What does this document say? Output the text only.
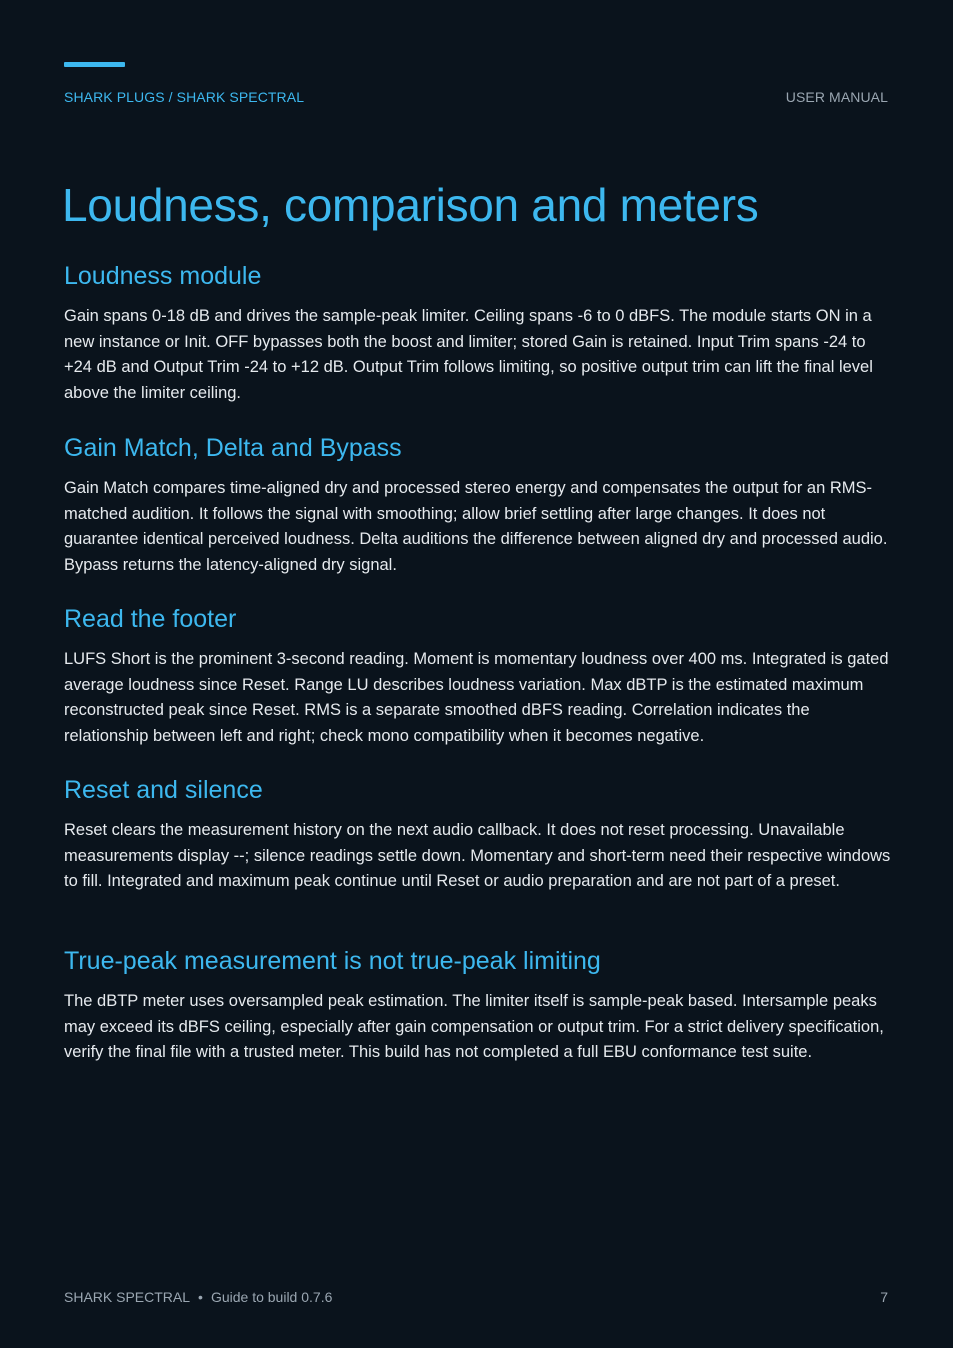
SHARK PLUGS / SHARK SPECTRAL	USER MANUAL
Loudness, comparison and meters
Loudness module

Gain spans 0-18 dB and drives the sample-peak limiter. Ceiling spans -6 to 0 dBFS. The module starts ON in a new instance or Init. OFF bypasses both the boost and limiter; stored Gain is retained. Input Trim spans -24 to +24 dB and Output Trim -24 to +12 dB. Output Trim follows limiting, so positive output trim can lift the final level above the limiter ceiling.

Gain Match, Delta and Bypass

Gain Match compares time-aligned dry and processed stereo energy and compensates the output for an RMS-matched audition. It follows the signal with smoothing; allow brief settling after large changes. It does not guarantee identical perceived loudness. Delta auditions the difference between aligned dry and processed audio. Bypass returns the latency-aligned dry signal.

Read the footer

LUFS Short is the prominent 3-second reading. Moment is momentary loudness over 400 ms. Integrated is gated average loudness since Reset. Range LU describes loudness variation. Max dBTP is the estimated maximum reconstructed peak since Reset. RMS is a separate smoothed dBFS reading. Correlation indicates the relationship between left and right; check mono compatibility when it becomes negative.

Reset and silence

Reset clears the measurement history on the next audio callback. It does not reset processing. Unavailable measurements display --; silence readings settle down. Momentary and short-term need their respective windows to fill. Integrated and maximum peak continue until Reset or audio preparation and are not part of a preset.

True-peak measurement is not true-peak limiting

The dBTP meter uses oversampled peak estimation. The limiter itself is sample-peak based. Intersample peaks may exceed its dBFS ceiling, especially after gain compensation or output trim. For a strict delivery specification, verify the final file with a trusted meter. This build has not completed a full EBU conformance test suite.

SHARK SPECTRAL • Guide to build 0.7.6	7
